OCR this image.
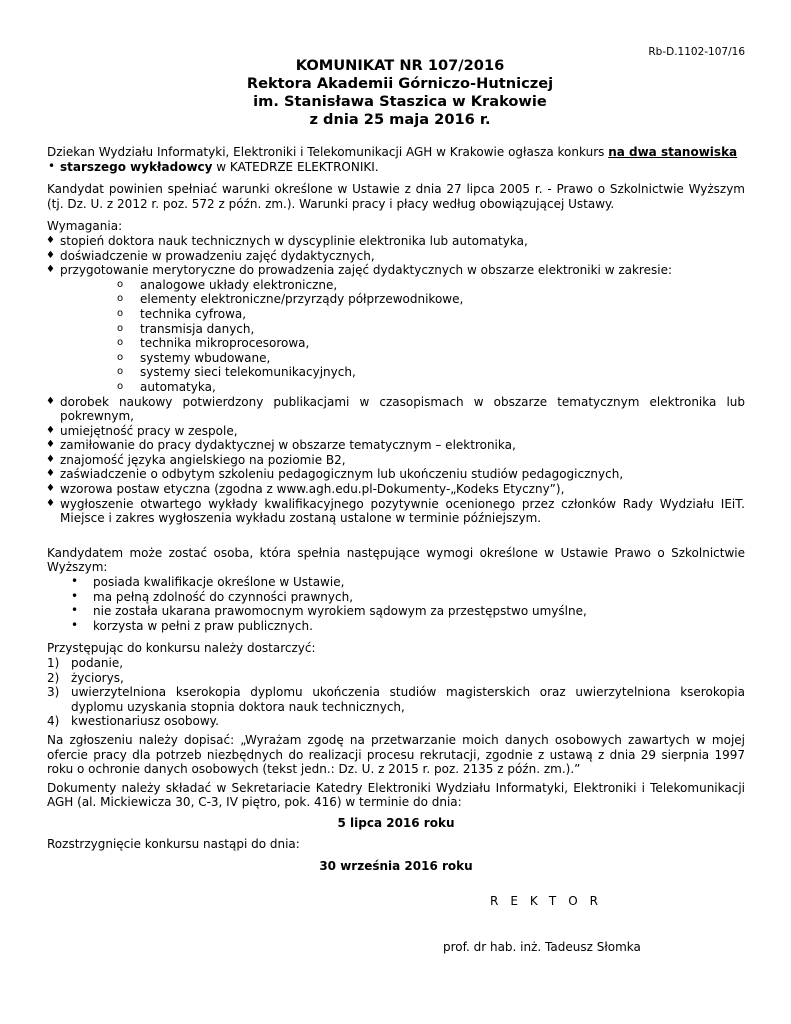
Rb-D.1102-107/16
KOMUNIKAT NR 107/2016
Rektora Akademii Górniczo-Hutniczej
im. Stanisława Staszica w Krakowie
z dnia 25 maja 2016 r.

Dziekan Wydziału Informatyki, Elektroniki i Telekomunikacji AGH w Krakowie ogłasza konkurs na dwa stanowiska

• starszego wykładowcy w KATEDRZE ELEKTRONIKI.

Kandydat powinien spełniać warunki określone w Ustawie z dnia 27 lipca 2005 r. - Prawo o Szkolnictwie Wyższym (tj. Dz. U. z 2012 r. poz. 572 z późn. zm.). Warunki pracy i płacy według obowiązującej Ustawy.

Wymagania:

♦ stopień doktora nauk technicznych w dyscyplinie elektronika lub automatyka,
♦ doświadczenie w prowadzeniu zajęć dydaktycznych,
♦ przygotowanie merytoryczne do prowadzenia zajęć dydaktycznych w obszarze elektroniki w zakresie:
o analogowe układy elektroniczne,
o elementy elektroniczne/przyrządy półprzewodnikowe,
o technika cyfrowa,
o transmisja danych,
o technika mikroprocesorowa,
o systemy wbudowane,
o systemy sieci telekomunikacyjnych,
o automatyka,
♦ dorobek naukowy potwierdzony publikacjami w czasopismach w obszarze tematycznym elektronika lub pokrewnym,
♦ umiejętność pracy w zespole,
♦ zamiłowanie do pracy dydaktycznej w obszarze tematycznym – elektronika,
♦ znajomość języka angielskiego na poziomie B2,
♦ zaświadczenie o odbytym szkoleniu pedagogicznym lub ukończeniu studiów pedagogicznych,
♦ wzorowa postaw etyczna (zgodna z www.agh.edu.pl-Dokumenty-„Kodeks Etyczny”),
♦ wygłoszenie otwartego wykłady kwalifikacyjnego pozytywnie ocenionego przez członków Rady Wydziału IEiT. Miejsce i zakres wygłoszenia wykładu zostaną ustalone w terminie późniejszym.

Kandydatem może zostać osoba, która spełnia następujące wymogi określone w Ustawie Prawo o Szkolnictwie Wyższym:

• posiada kwalifikacje określone w Ustawie,
• ma pełną zdolność do czynności prawnych,
• nie została ukarana prawomocnym wyrokiem sądowym za przestępstwo umyślne,
• korzysta w pełni z praw publicznych.

Przystępując do konkursu należy dostarczyć:

1) podanie,
2) życiorys,
3) uwierzytelniona kserokopia dyplomu ukończenia studiów magisterskich oraz uwierzytelniona kserokopia dyplomu uzyskania stopnia doktora nauk technicznych,
4) kwestionariusz osobowy.

Na zgłoszeniu należy dopisać: „Wyrażam zgodę na przetwarzanie moich danych osobowych zawartych w mojej ofercie pracy dla potrzeb niezbędnych do realizacji procesu rekrutacji, zgodnie z ustawą z dnia 29 sierpnia 1997 roku o ochronie danych osobowych (tekst jedn.: Dz. U. z 2015 r. poz. 2135 z późn. zm.).”

Dokumenty należy składać w Sekretariacie Katedry Elektroniki Wydziału Informatyki, Elektroniki i Telekomunikacji AGH (al. Mickiewicza 30, C-3, IV piętro, pok. 416) w terminie do dnia:

5 lipca 2016 roku

Rozstrzygnięcie konkursu nastąpi do dnia:

30 września 2016 roku

REKTOR
prof. dr hab. inż. Tadeusz Słomka
